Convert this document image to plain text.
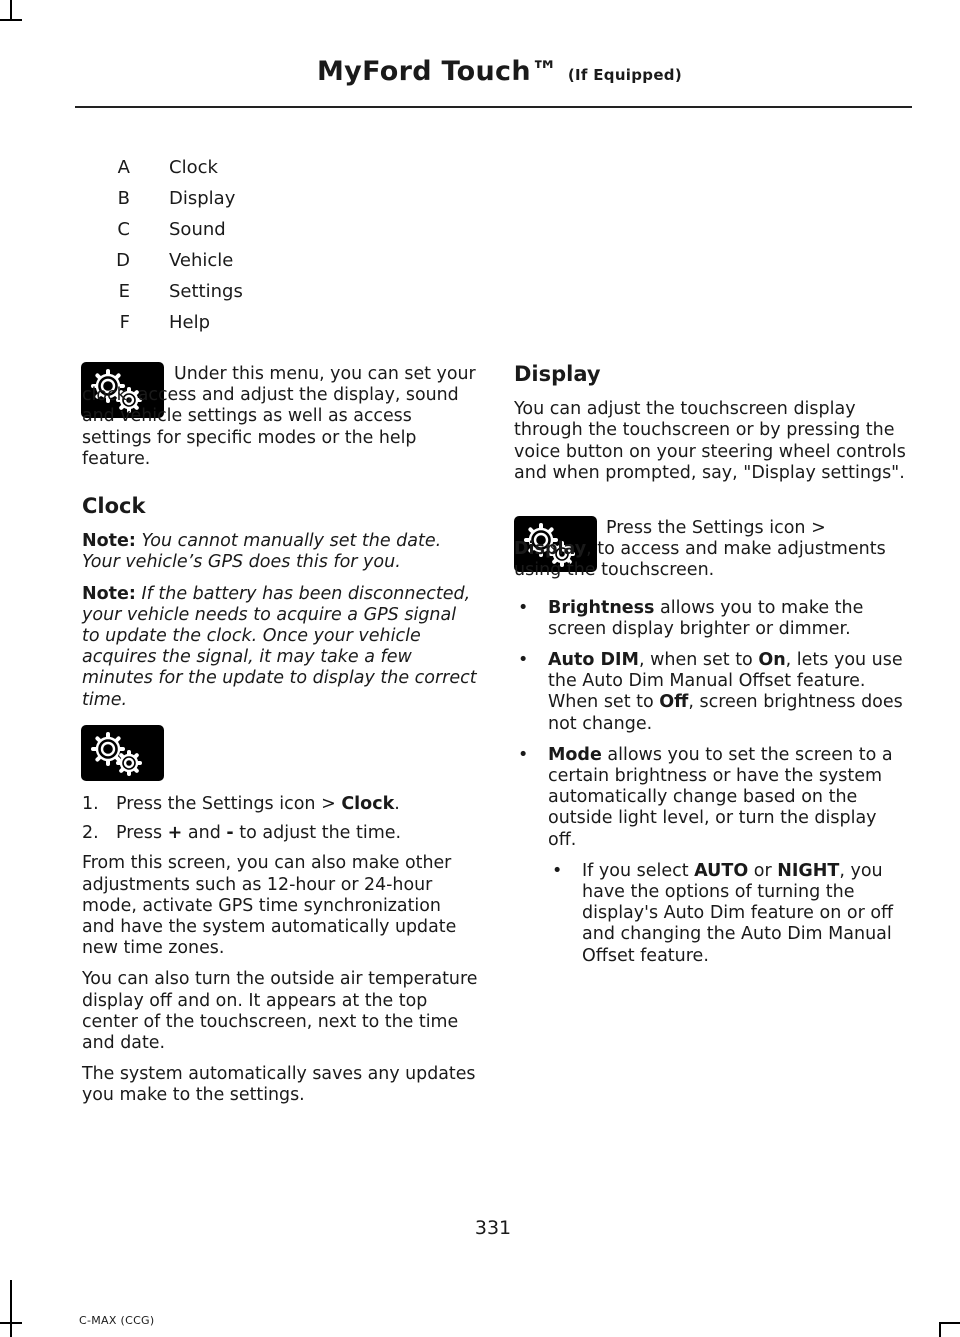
MyFord Touch™ (If Equipped)
A Clock
B Display
C Sound
D Vehicle
E Settings
F Help

Under this menu, you can set your clock, access and adjust the display, sound and vehicle settings as well as access settings for specific modes or the help feature.

Clock

Note: You cannot manually set the date. Your vehicle’s GPS does this for you.

Note: If the battery has been disconnected, your vehicle needs to acquire a GPS signal to update the clock. Once your vehicle acquires the signal, it may take a few minutes for the update to display the correct time.

1. Press the Settings icon > Clock.

2. Press + and - to adjust the time.

From this screen, you can also make other adjustments such as 12-hour or 24-hour mode, activate GPS time synchronization and have the system automatically update new time zones.

You can also turn the outside air temperature display off and on. It appears at the top center of the touchscreen, next to the time and date.

The system automatically saves any updates you make to the settings.

Display

You can adjust the touchscreen display through the touchscreen or by pressing the voice button on your steering wheel controls and when prompted, say, "Display settings".

Press the Settings icon > Display, to access and make adjustments using the touchscreen.

• Brightness allows you to make the screen display brighter or dimmer.

• Auto DIM, when set to On, lets you use the Auto Dim Manual Offset feature. When set to Off, screen brightness does not change.

• Mode allows you to set the screen to a certain brightness or have the system automatically change based on the outside light level, or turn the display off.

• If you select AUTO or NIGHT, you have the options of turning the display's Auto Dim feature on or off and changing the Auto Dim Manual Offset feature.

331
C-MAX (CCG)
